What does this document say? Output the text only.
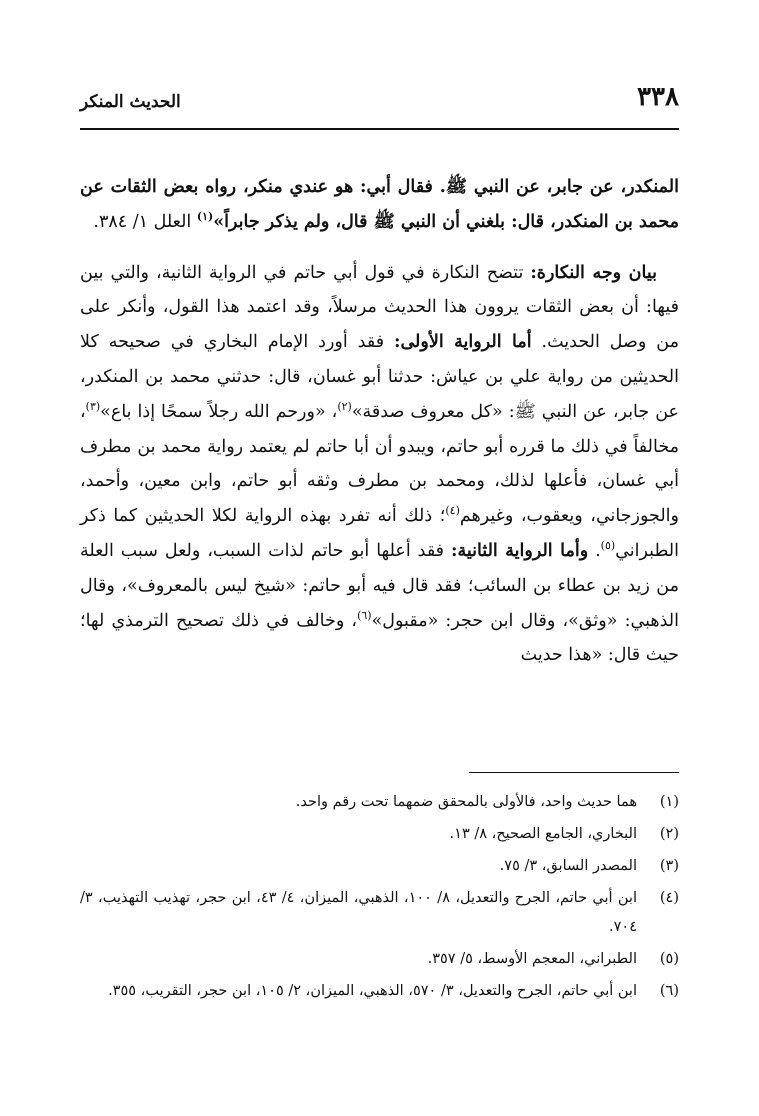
٣٣٨
الحديث المنكر

المنكدر، عن جابر، عن النبي ﷺ. فقال أبي: هو عندي منكر، رواه بعض الثقات عن محمد بن المنكدر، قال: بلغني أن النبي ﷺ قال، ولم يذكر جابراً»$^{(١)}$ العلل ١/ ٣٨٤.

بيان وجه النكارة: تتضح النكارة في قول أبي حاتم في الرواية الثانية، والتي بين فيها: أن بعض الثقات يروون هذا الحديث مرسلاً، وقد اعتمد هذا القول، وأنكر على من وصل الحديث. أما الرواية الأولى: فقد أورد الإمام البخاري في صحيحه كلا الحديثين من رواية علي بن عياش: حدثنا أبو غسان، قال: حدثني محمد بن المنكدر، عن جابر، عن النبي ﷺ: «كل معروف صدقة»$^{(٢)}$، «ورحم الله رجلاً سمحًا إذا باع»$^{(٣)}$، مخالفاً في ذلك ما قرره أبو حاتم، ويبدو أن أبا حاتم لم يعتمد رواية محمد بن مطرف أبي غسان، فأعلها لذلك، ومحمد بن مطرف وثقه أبو حاتم، وابن معين، وأحمد، والجوزجاني، ويعقوب، وغيرهم$^{(٤)}$؛ ذلك أنه تفرد بهذه الرواية لكلا الحديثين كما ذكر الطبراني$^{(٥)}$. وأما الرواية الثانية: فقد أعلها أبو حاتم لذات السبب، ولعل سبب العلة من زيد بن عطاء بن السائب؛ فقد قال فيه أبو حاتم: «شيخ ليس بالمعروف»، وقال الذهبي: «وثق»، وقال ابن حجر: «مقبول»$^{(٦)}$، وخالف في ذلك تصحيح الترمذي لها؛ حيث قال: «هذا حديث

(١)
هما حديث واحد، فالأولى بالمحقق ضمهما تحت رقم واحد.
(٢)
البخاري، الجامع الصحيح، ٨/ ١٣.
(٣)
المصدر السابق، ٣/ ٧٥.
(٤)
ابن أبي حاتم، الجرح والتعديل، ٨/ ١٠٠، الذهبي، الميزان، ٤/ ٤٣، ابن حجر، تهذيب التهذيب، ٣/ ٧٠٤.
(٥)
الطبراني، المعجم الأوسط، ٥/ ٣٥٧.
(٦)
ابن أبي حاتم، الجرح والتعديل، ٣/ ٥٧٠، الذهبي، الميزان، ٢/ ١٠٥، ابن حجر، التقريب، ٣٥٥.
